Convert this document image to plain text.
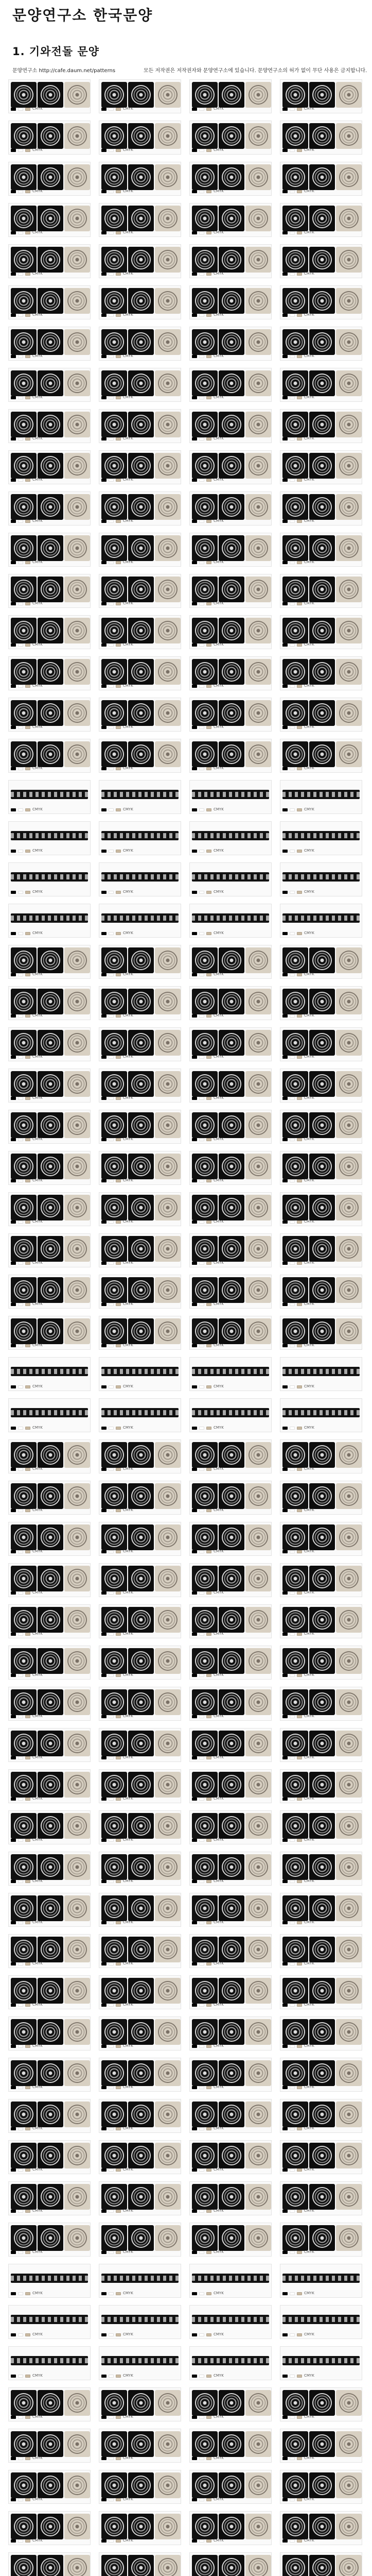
문양연구소 한국문양
문양연구소 http://cafe.daum.net/patterns	모든 저작권은 저작권자와 문양연구소에 있습니다. 문양연구소의 허가 없이 무단 사용은 금지합니다.
1. 기와전돌 문양
CMYK	CMYK	CMYK	CMYK
CMYK	CMYK	CMYK	CMYK
CMYK	CMYK	CMYK	CMYK
CMYK	CMYK	CMYK	CMYK
CMYK	CMYK	CMYK	CMYK
CMYK	CMYK	CMYK	CMYK
CMYK	CMYK	CMYK	CMYK
CMYK	CMYK	CMYK	CMYK
CMYK	CMYK	CMYK	CMYK
CMYK	CMYK	CMYK	CMYK
CMYK	CMYK	CMYK	CMYK
CMYK	CMYK	CMYK	CMYK
CMYK	CMYK	CMYK	CMYK
CMYK	CMYK	CMYK	CMYK
CMYK	CMYK	CMYK	CMYK
CMYK	CMYK	CMYK	CMYK
CMYK	CMYK	CMYK	CMYK
CMYK	CMYK	CMYK	CMYK
CMYK	CMYK	CMYK	CMYK
CMYK	CMYK	CMYK	CMYK
CMYK	CMYK	CMYK	CMYK
CMYK	CMYK	CMYK	CMYK
CMYK	CMYK	CMYK	CMYK
CMYK	CMYK	CMYK	CMYK
CMYK	CMYK	CMYK	CMYK
CMYK	CMYK	CMYK	CMYK
CMYK	CMYK	CMYK	CMYK
CMYK	CMYK	CMYK	CMYK
CMYK	CMYK	CMYK	CMYK
CMYK	CMYK	CMYK	CMYK
CMYK	CMYK	CMYK	CMYK
CMYK	CMYK	CMYK	CMYK
CMYK	CMYK	CMYK	CMYK
CMYK	CMYK	CMYK	CMYK
CMYK	CMYK	CMYK	CMYK
CMYK	CMYK	CMYK	CMYK
CMYK	CMYK	CMYK	CMYK
CMYK	CMYK	CMYK	CMYK
CMYK	CMYK	CMYK	CMYK
CMYK	CMYK	CMYK	CMYK
CMYK	CMYK	CMYK	CMYK
CMYK	CMYK	CMYK	CMYK
CMYK	CMYK	CMYK	CMYK
CMYK	CMYK	CMYK	CMYK
CMYK	CMYK	CMYK	CMYK
CMYK	CMYK	CMYK	CMYK
CMYK	CMYK	CMYK	CMYK
CMYK	CMYK	CMYK	CMYK
CMYK	CMYK	CMYK	CMYK
CMYK	CMYK	CMYK	CMYK
CMYK	CMYK	CMYK	CMYK
CMYK	CMYK	CMYK	CMYK
CMYK	CMYK	CMYK	CMYK
CMYK	CMYK	CMYK	CMYK
CMYK	CMYK	CMYK	CMYK
CMYK	CMYK	CMYK	CMYK
CMYK	CMYK	CMYK	CMYK
CMYK	CMYK	CMYK	CMYK
CMYK	CMYK	CMYK	CMYK
CMYK	CMYK	CMYK	CMYK
